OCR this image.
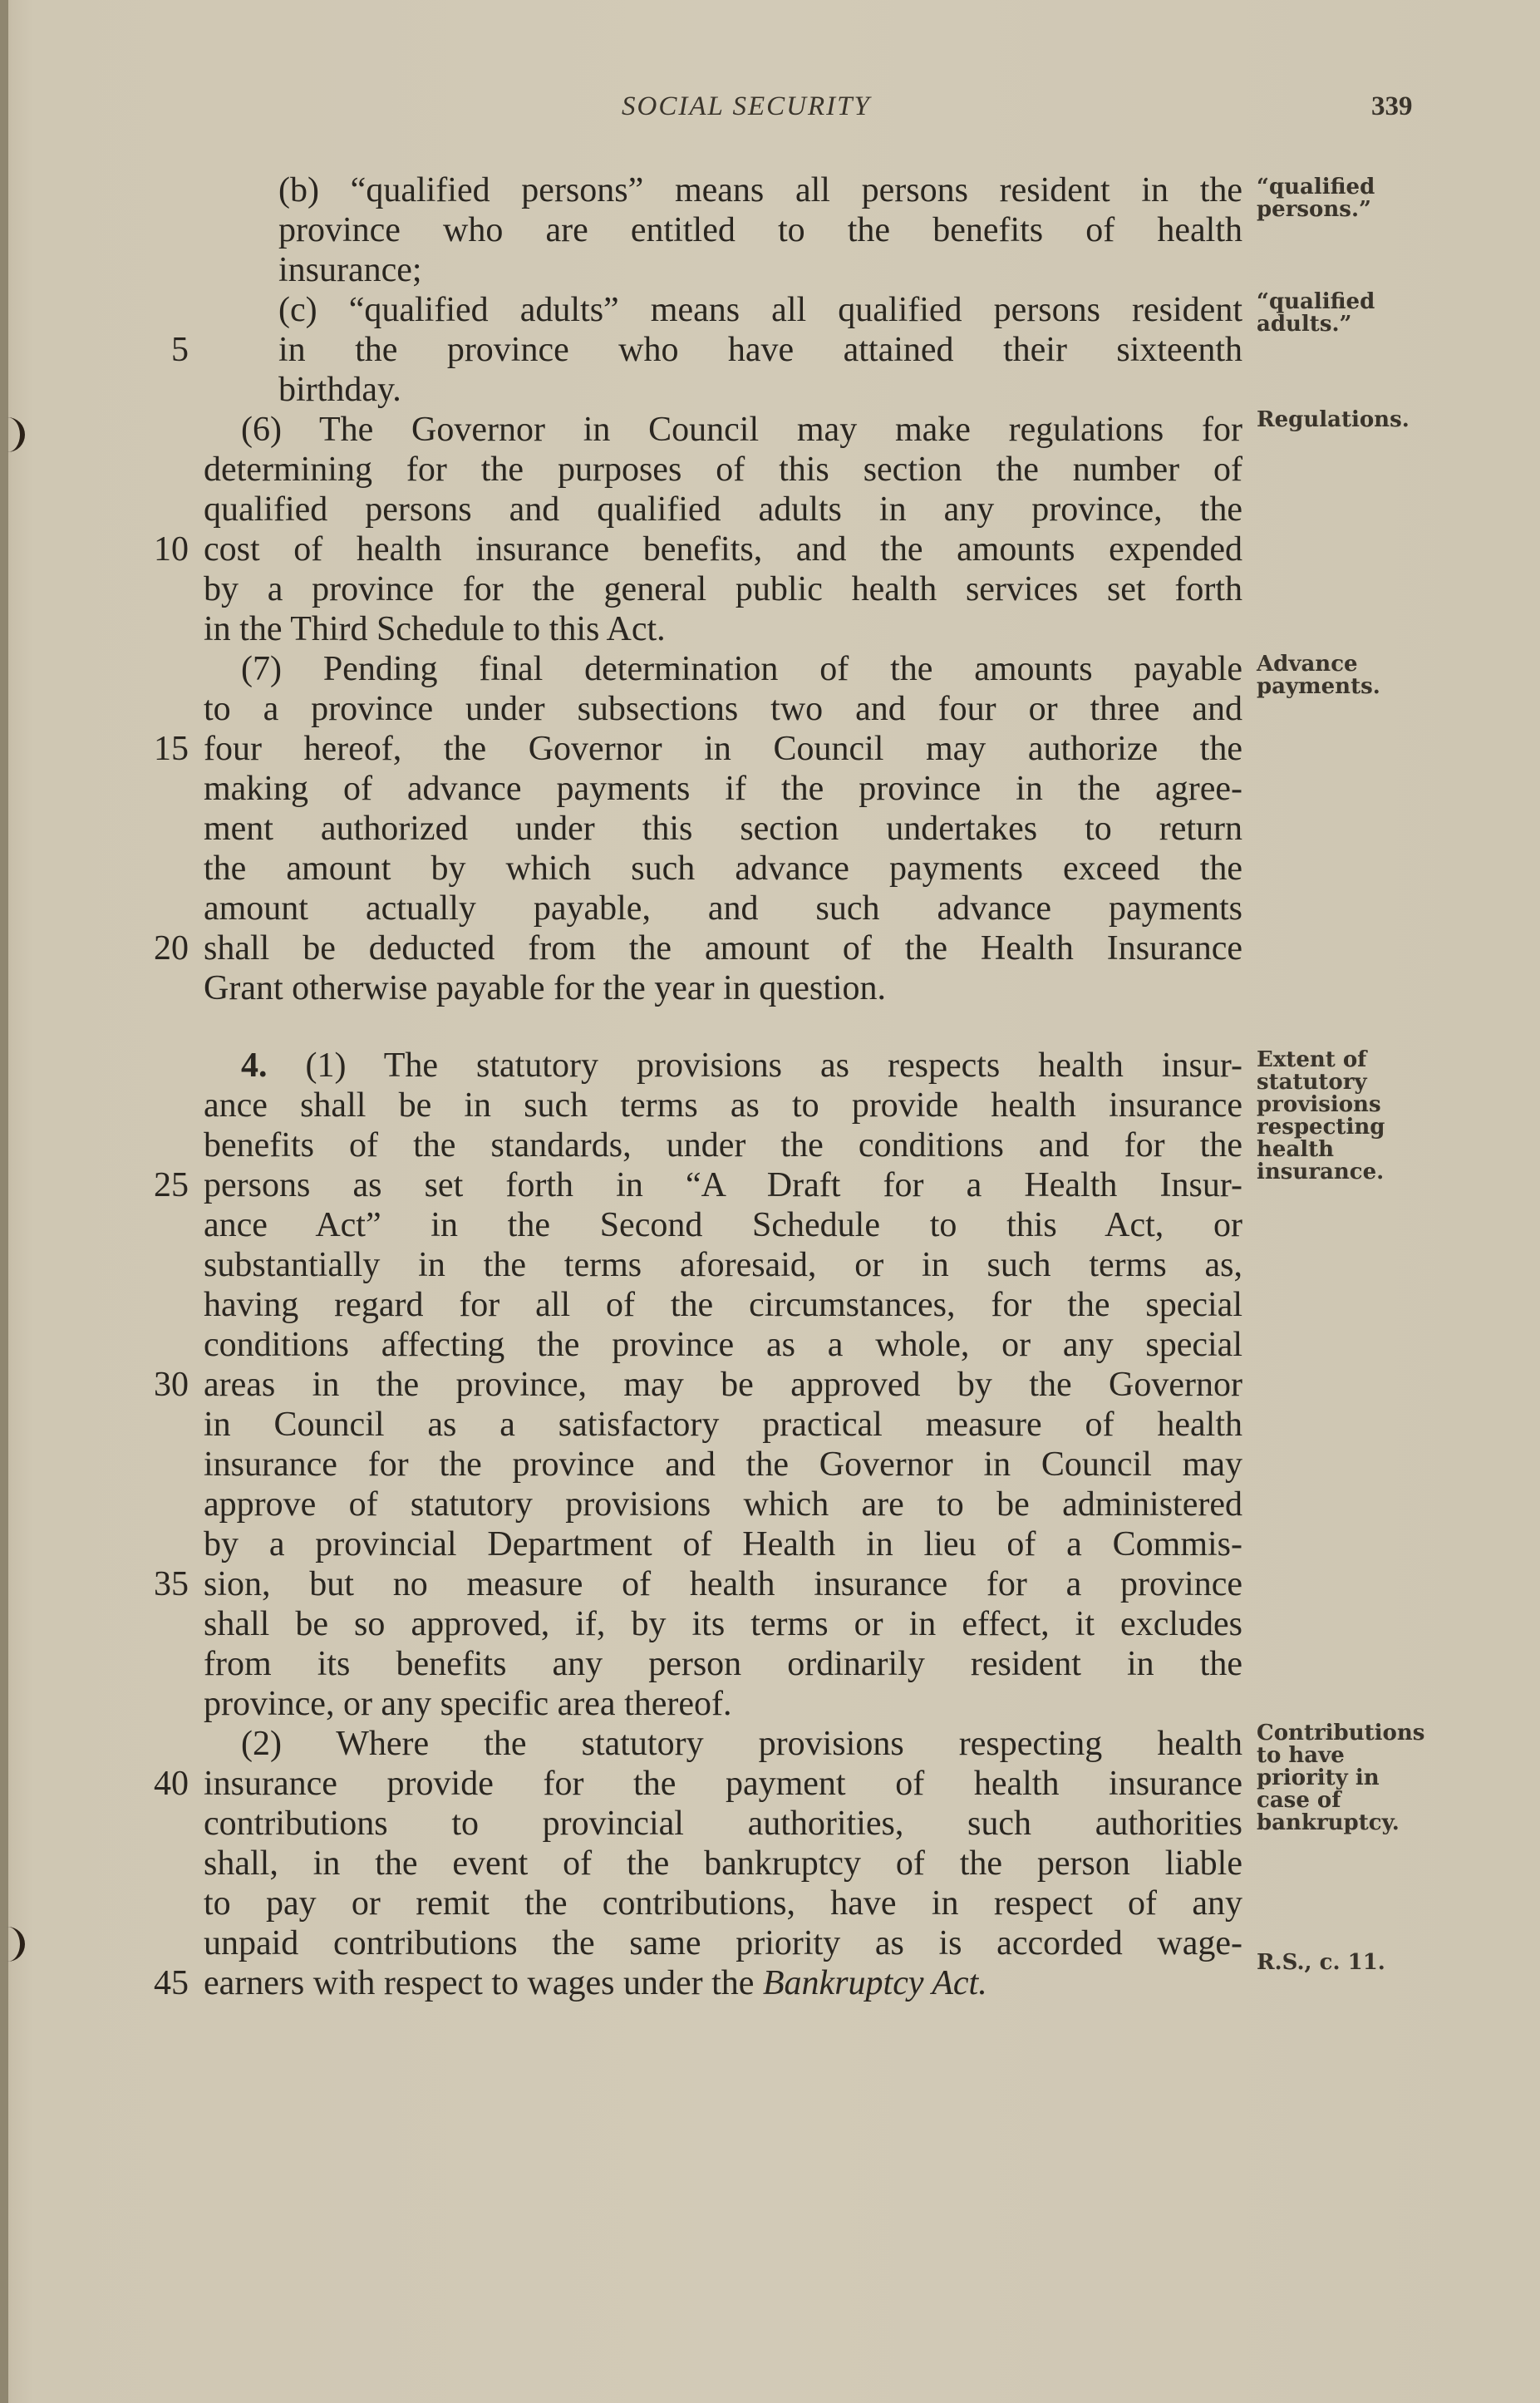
SOCIAL SECURITY	339
(b) “qualified persons” means all persons resident in the
province who are entitled to the benefits of health
insurance;
(c) “qualified adults” means all qualified persons resident
5	in the province who have attained their sixteenth
birthday.
(6) The Governor in Council may make regulations for
determining for the purposes of this section the number of
qualified persons and qualified adults in any province, the
10 cost of health insurance benefits, and the amounts expended
by a province for the general public health services set forth
in the Third Schedule to this Act.
(7) Pending final determination of the amounts payable
to a province under subsections two and four or three and
15 four hereof, the Governor in Council may authorize the
making of advance payments if the province in the agree-
ment authorized under this section undertakes to return
the amount by which such advance payments exceed the
amount actually payable, and such advance payments
20 shall be deducted from the amount of the Health Insurance
Grant otherwise payable for the year in question.
4. (1) The statutory provisions as respects health insur-
ance shall be in such terms as to provide health insurance
benefits of the standards, under the conditions and for the
25 persons as set forth in “A Draft for a Health Insur-
ance Act” in the Second Schedule to this Act, or
substantially in the terms aforesaid, or in such terms as,
having regard for all of the circumstances, for the special
conditions affecting the province as a whole, or any special
30 areas in the province, may be approved by the Governor
in Council as a satisfactory practical measure of health
insurance for the province and the Governor in Council may
approve of statutory provisions which are to be administered
by a provincial Department of Health in lieu of a Commis-
35 sion, but no measure of health insurance for a province
shall be so approved, if, by its terms or in effect, it excludes
from its benefits any person ordinarily resident in the
province, or any specific area thereof.
(2) Where the statutory provisions respecting health
40 insurance provide for the payment of health insurance
contributions to provincial authorities, such authorities
shall, in the event of the bankruptcy of the person liable
to pay or remit the contributions, have in respect of any
unpaid contributions the same priority as is accorded wage-
45 earners with respect to wages under the Bankruptcy Act.
“qualified persons.”
“qualified adults.”
Regulations.
Advance payments.
Extent of statutory provisions respecting health insurance.
Contributions to have priority in case of bankruptcy.
R.S., c. 11.
